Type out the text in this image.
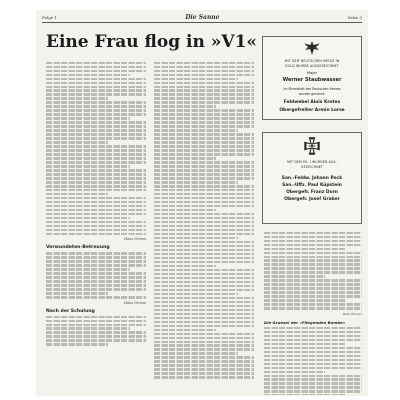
Folge 1	Die Sanne	Seite 3
Eine Frau flog in »V1«
Hans Grimm
Verwundeten-Betreuung
Hans Grimm
Nach der Schulung
MIT DEM DEUTSCHEN KREUZ IN
GOLD WURDE AUSGEZEICHNET
Major
Werner Staubwasser
Im Ehrenblatt des Deutschen Heeres
wurden genannt:
Feldwebel Alois Krotes
Obergefreiter Armin Lorse
MIT DEM EK. I WURDEN AUS-
GEZEICHNET
San.-Feldw. Johann Pock
San.-Uffz. Paul Küpstein
Obergefr. Franz Dorn
Obergefr. Josef Graber
Ruth Ziemer
Die Gruesel der »Fliegenden Bombe«
